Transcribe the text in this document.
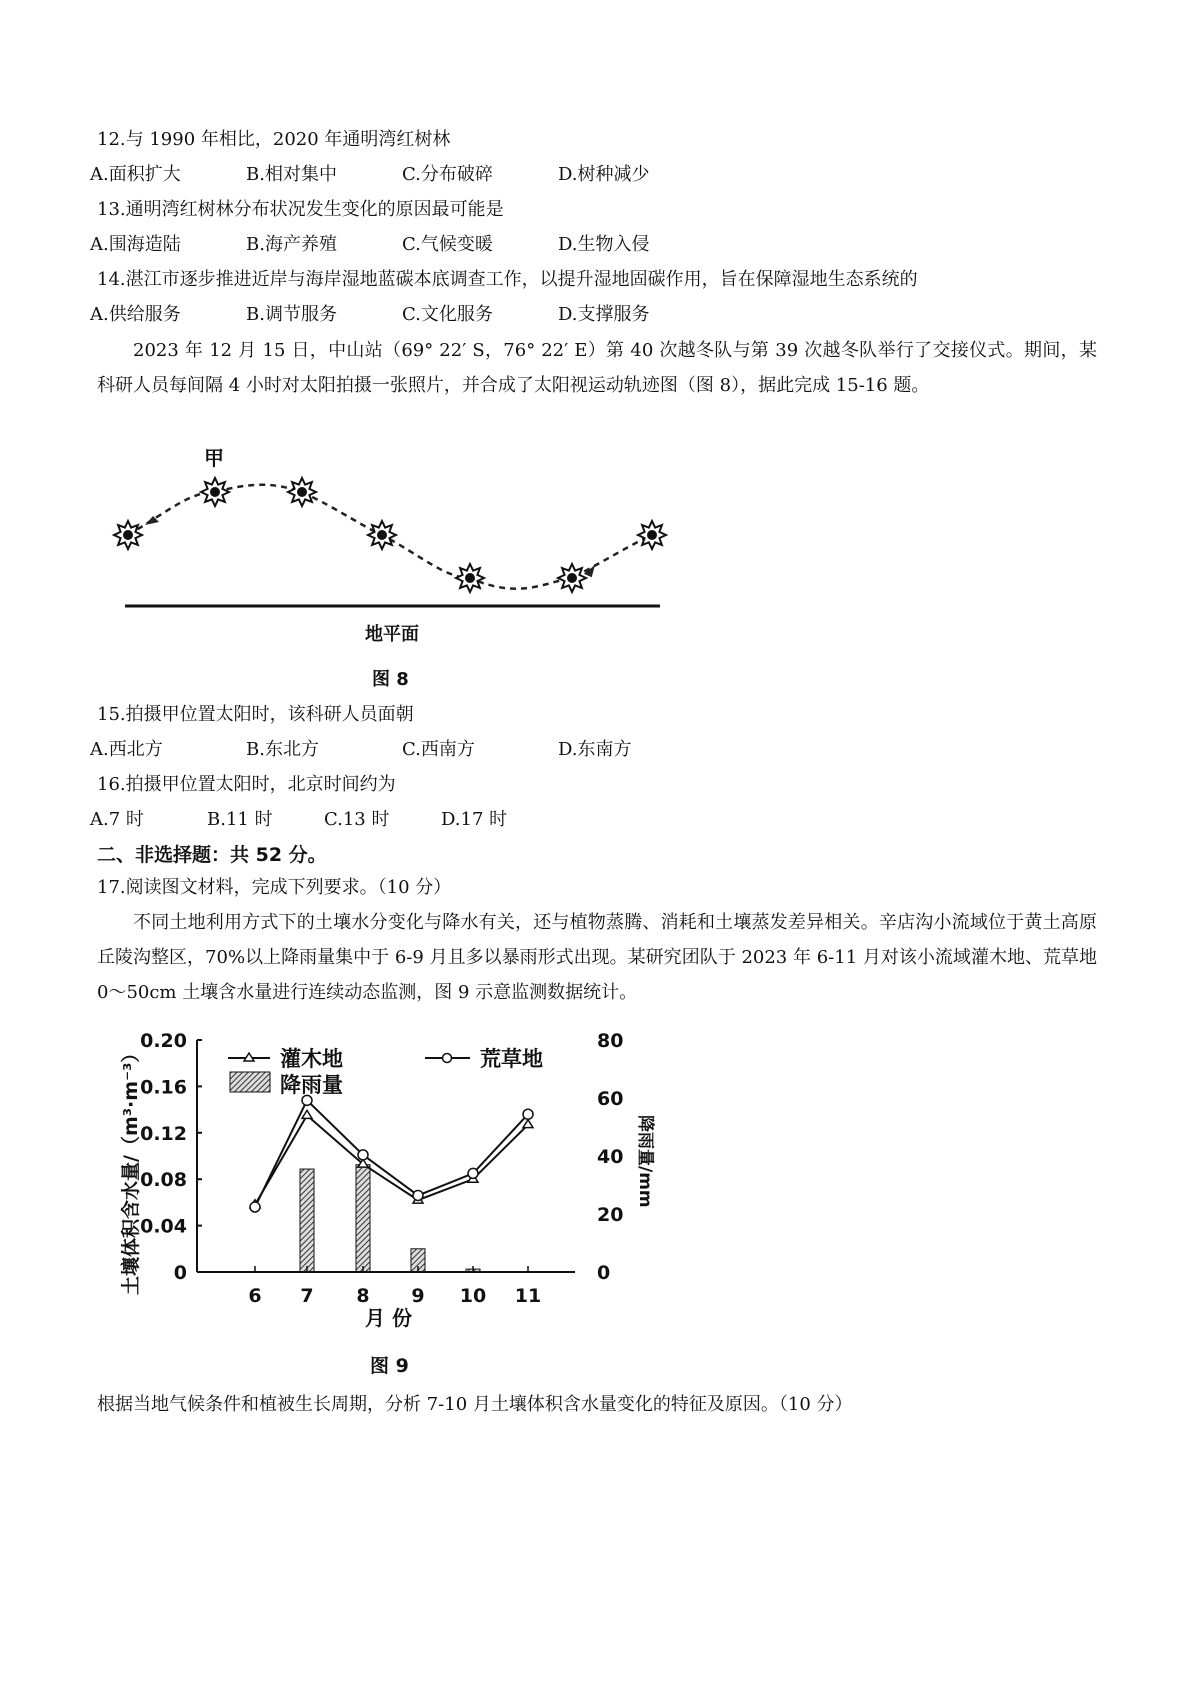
12.与 1990 年相比，2020 年通明湾红树林
A.面积扩大	B.相对集中	C.分布破碎	D.树种减少
13.通明湾红树林分布状况发生变化的原因最可能是
A.围海造陆	B.海产养殖	C.气候变暖	D.生物入侵
14.湛江市逐步推进近岸与海岸湿地蓝碳本底调查工作，以提升湿地固碳作用，旨在保障湿地生态系统的
A.供给服务	B.调节服务	C.文化服务	D.支撑服务
2023 年 12 月 15 日，中山站（69° 22′ S，76° 22′ E）第 40 次越冬队与第 39 次越冬队举行了交接仪式。期间，某科研人员每间隔 4 小时对太阳拍摄一张照片，并合成了太阳视运动轨迹图（图 8），据此完成 15-16 题。
甲
地平面
图 8
15.拍摄甲位置太阳时，该科研人员面朝
A.西北方	B.东北方	C.西南方	D.东南方
16.拍摄甲位置太阳时，北京时间约为
A.7 时	B.11 时	C.13 时	D.17 时
二、非选择题：共 52 分。
17.阅读图文材料，完成下列要求。（10 分）
不同土地利用方式下的土壤水分变化与降水有关，还与植物蒸腾、消耗和土壤蒸发差异相关。辛店沟小流域位于黄土高原丘陵沟整区，70%以上降雨量集中于 6-9 月且多以暴雨形式出现。某研究团队于 2023 年 6-11 月对该小流域灌木地、荒草地 0～50cm 土壤含水量进行连续动态监测，图 9 示意监测数据统计。
0
0.04
0.08
0.12
0.16
0.20
0
20
40
60
80
6 7 8 9 10 11
土壤体积含水量/（m³·m⁻³）	降雨量/mm
月 份
图 9
灌木地
降雨量
荒草地
根据当地气候条件和植被生长周期，分析 7-10 月土壤体积含水量变化的特征及原因。（10 分）
